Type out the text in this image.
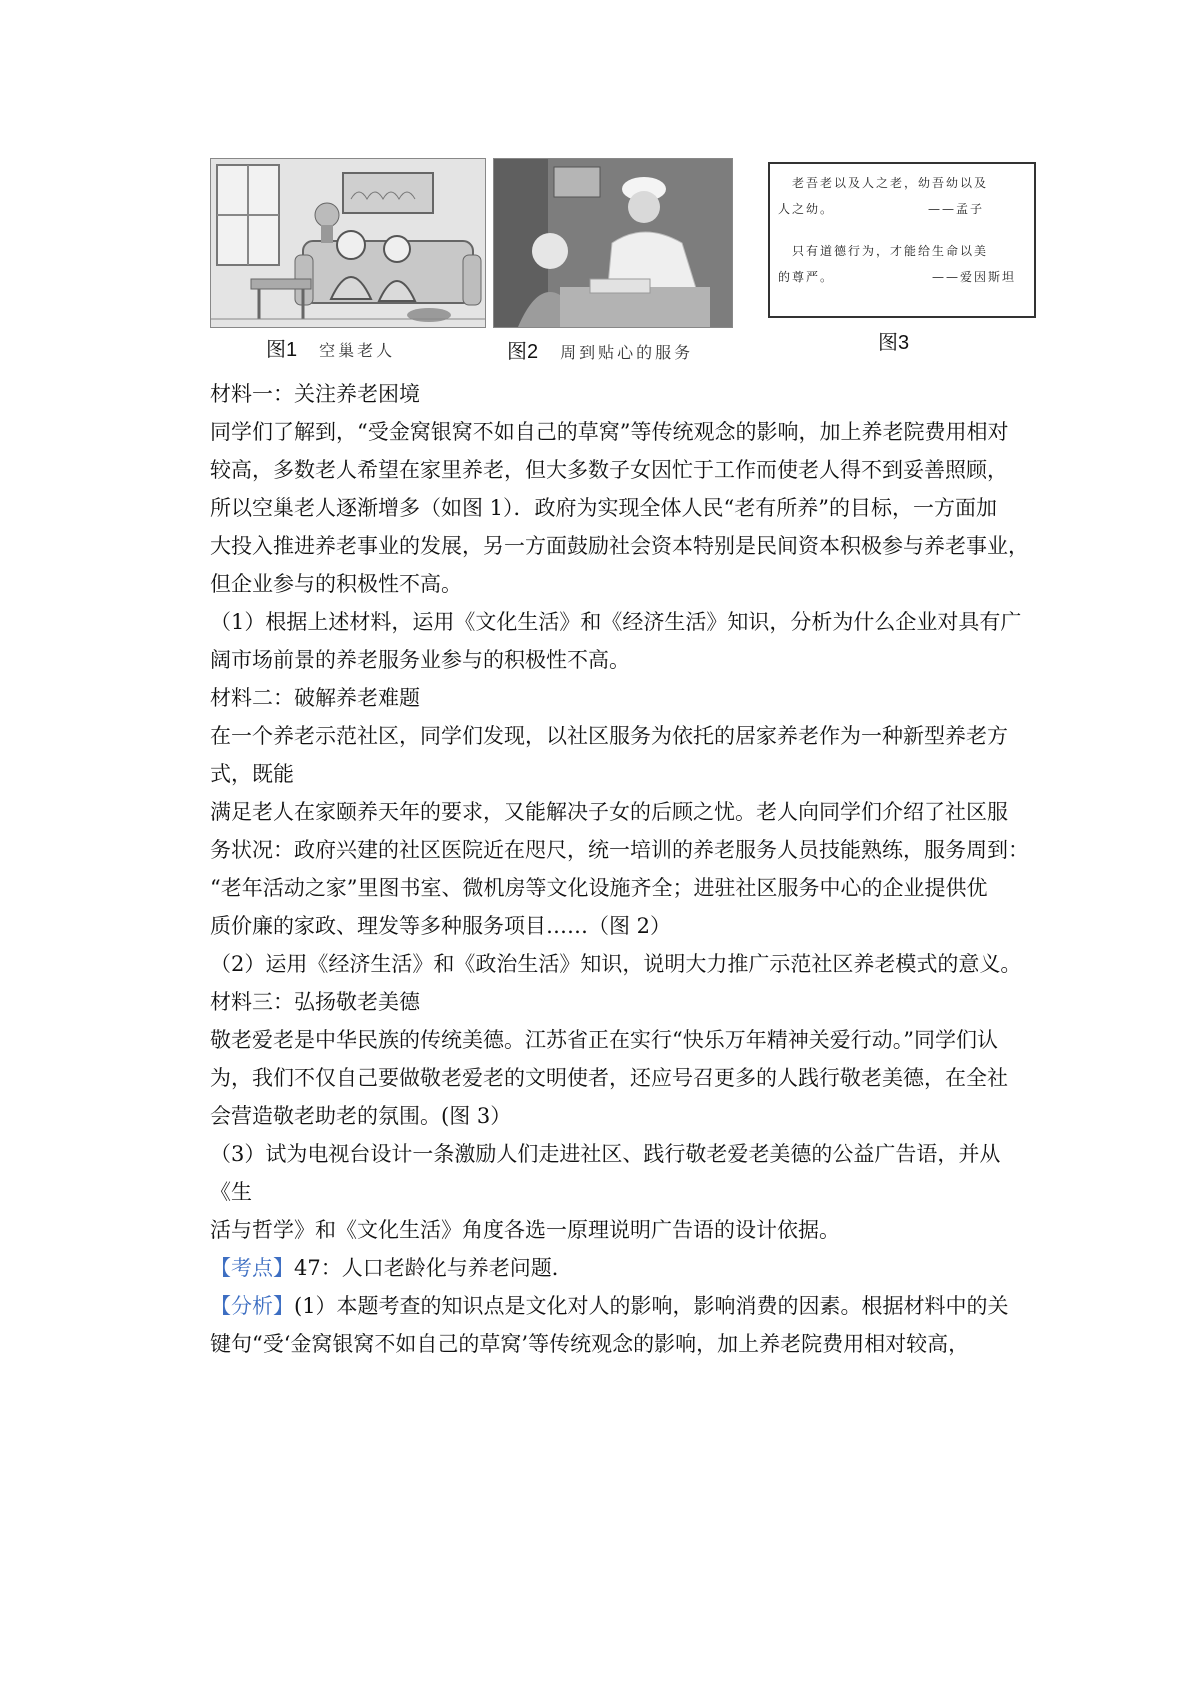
图1 空巢老人	图2 周到贴心的服务
老吾老以及人之老，幼吾幼以及
人之幼。	——孟子
只有道德行为，才能给生命以美
的尊严。	——爱因斯坦
图3

材料一：关注养老困境

同学们了解到，“受金窝银窝不如自己的草窝”等传统观念的影响，加上养老院费用相对
较高，多数老人希望在家里养老，但大多数子女因忙于工作而使老人得不到妥善照顾，
所以空巢老人逐渐增多（如图 1）．政府为实现全体人民“老有所养”的目标，一方面加
大投入推进养老事业的发展，另一方面鼓励社会资本特别是民间资本积极参与养老事业，
但企业参与的积极性不高。

（1）根据上述材料，运用《文化生活》和《经济生活》知识，分析为什么企业对具有广
阔市场前景的养老服务业参与的积极性不高。

材料二：破解养老难题

在一个养老示范社区，同学们发现，以社区服务为依托的居家养老作为一种新型养老方
式，既能
满足老人在家颐养天年的要求，又能解决子女的后顾之忧。老人向同学们介绍了社区服
务状况：政府兴建的社区医院近在咫尺，统一培训的养老服务人员技能熟练，服务周到：
“老年活动之家”里图书室、微机房等文化设施齐全；进驻社区服务中心的企业提供优
质价廉的家政、理发等多种服务项目……（图 2）

（2）运用《经济生活》和《政治生活》知识，说明大力推广示范社区养老模式的意义。

材料三：弘扬敬老美德

敬老爱老是中华民族的传统美德。江苏省正在实行“快乐万年精神关爱行动。”同学们认
为，我们不仅自己要做敬老爱老的文明使者，还应号召更多的人践行敬老美德，在全社
会营造敬老助老的氛围。(图 3）

（3）试为电视台设计一条激励人们走进社区、践行敬老爱老美德的公益广告语，并从《生
活与哲学》和《文化生活》角度各选一原理说明广告语的设计依据。

【考点】47：人口老龄化与养老问题．

【分析】(1）本题考查的知识点是文化对人的影响，影响消费的因素。根据材料中的关
键句“受‘金窝银窝不如自己的草窝’等传统观念的影响，加上养老院费用相对较高，
